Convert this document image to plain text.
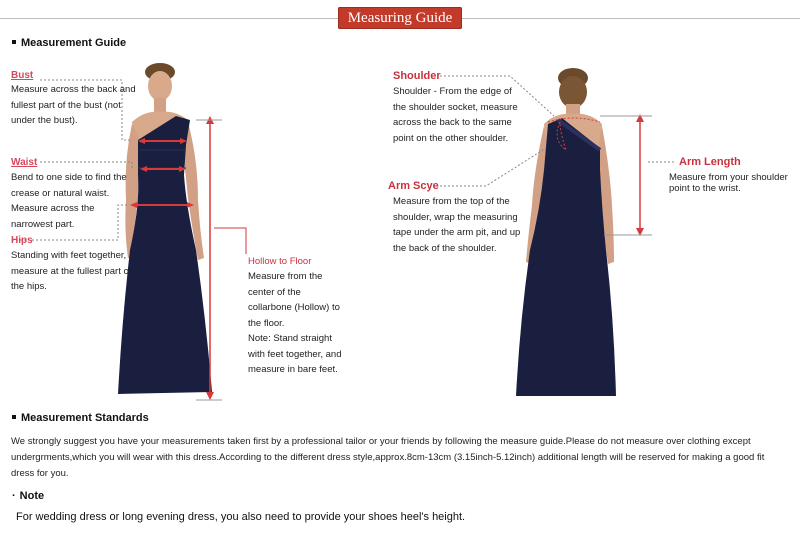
Measuring Guide
Measurement Guide
Bust
Measure across the back and
fullest part of the bust (not
under the bust).
Waist
Bend to one side to find the
crease or natural waist.
Measure across the
narrowest part.
Hips
Standing with feet together,
measure at the fullest part of
the hips.
Hollow to Floor
Measure from the
center of the
collarbone (Hollow) to
the floor.
Note: Stand straight
with feet together, and
measure in bare feet.
Shoulder
Shoulder - From the edge of
the shoulder socket, measure
across the back to the same
point on the other shoulder.
Arm Scye
Measure from the top of the
shoulder, wrap the measuring
tape under the arm pit, and up
the back of the shoulder.
Arm Length
Measure from your shoulder
point to the wrist.
Measurement Standards
We strongly suggest you have your measurements taken first by a professional tailor or your friends by following the measure guide.Please do not measure over clothing except
undergrments,which you will wear with this dress.According to the different dress style,approx.8cm-13cm (3.15inch-5.12inch) additional length will be reserved for making a good fit
dress for you.
· Note
For wedding dress or long evening dress, you also need to provide your shoes heel's height.
